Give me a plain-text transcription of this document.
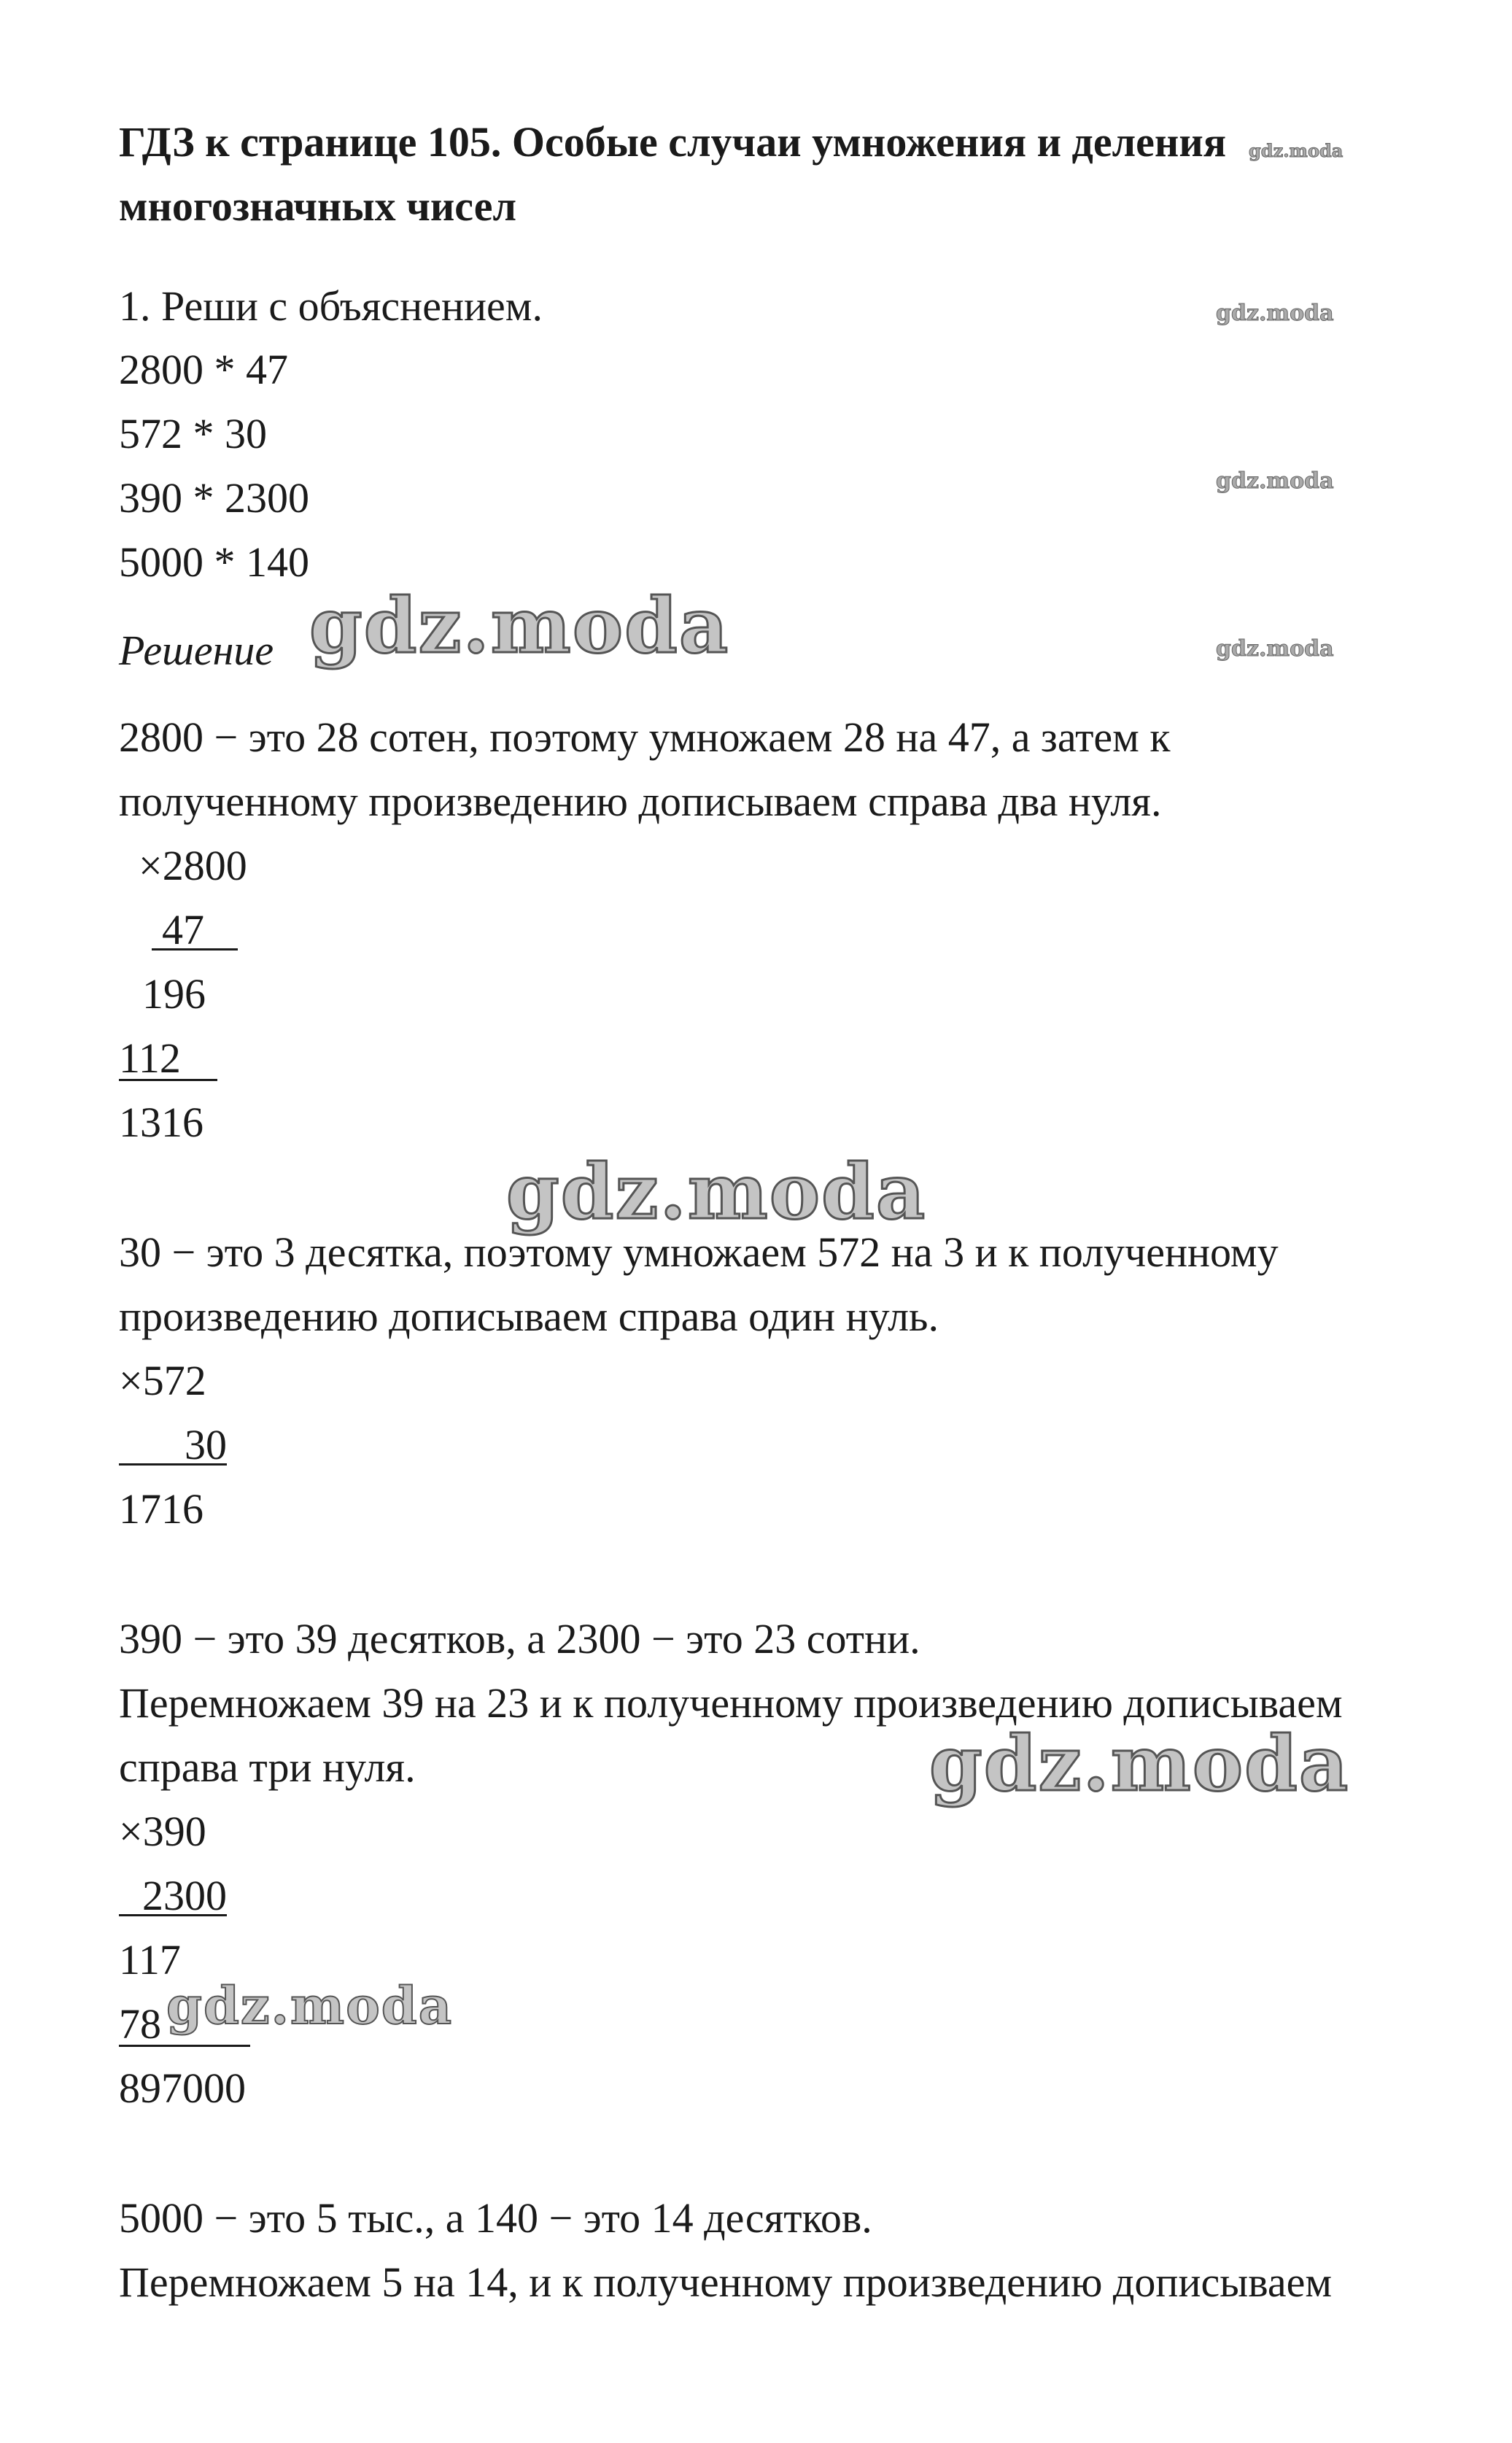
ГДЗ к странице 105. Особые случаи умножения и деления
многозначных чисел
1. Реши с объяснением.
2800 * 47
572 * 30
390 * 2300
5000 * 140
Решение
2800 − это 28 сотен, поэтому умножаем 28 на 47, а затем к
полученному произведению дописываем справа два нуля.
×2800
47
196
112
1316
30 − это 3 десятка, поэтому умножаем 572 на 3 и к полученному
произведению дописываем справа один нуль.
×572
30
1716
390 − это 39 десятков, а 2300 − это 23 сотни.
Перемножаем 39 на 23 и к полученному произведению дописываем
справа три нуля.
×390
2300
117
78
897000
5000 − это 5 тыс., а 140 − это 14 десятков.
Перемножаем 5 на 14, и к полученному произведению дописываем
gdz.moda
gdz.moda
gdz.moda
gdz.moda
gdz.moda
gdz.moda
gdz.moda
gdz.moda
